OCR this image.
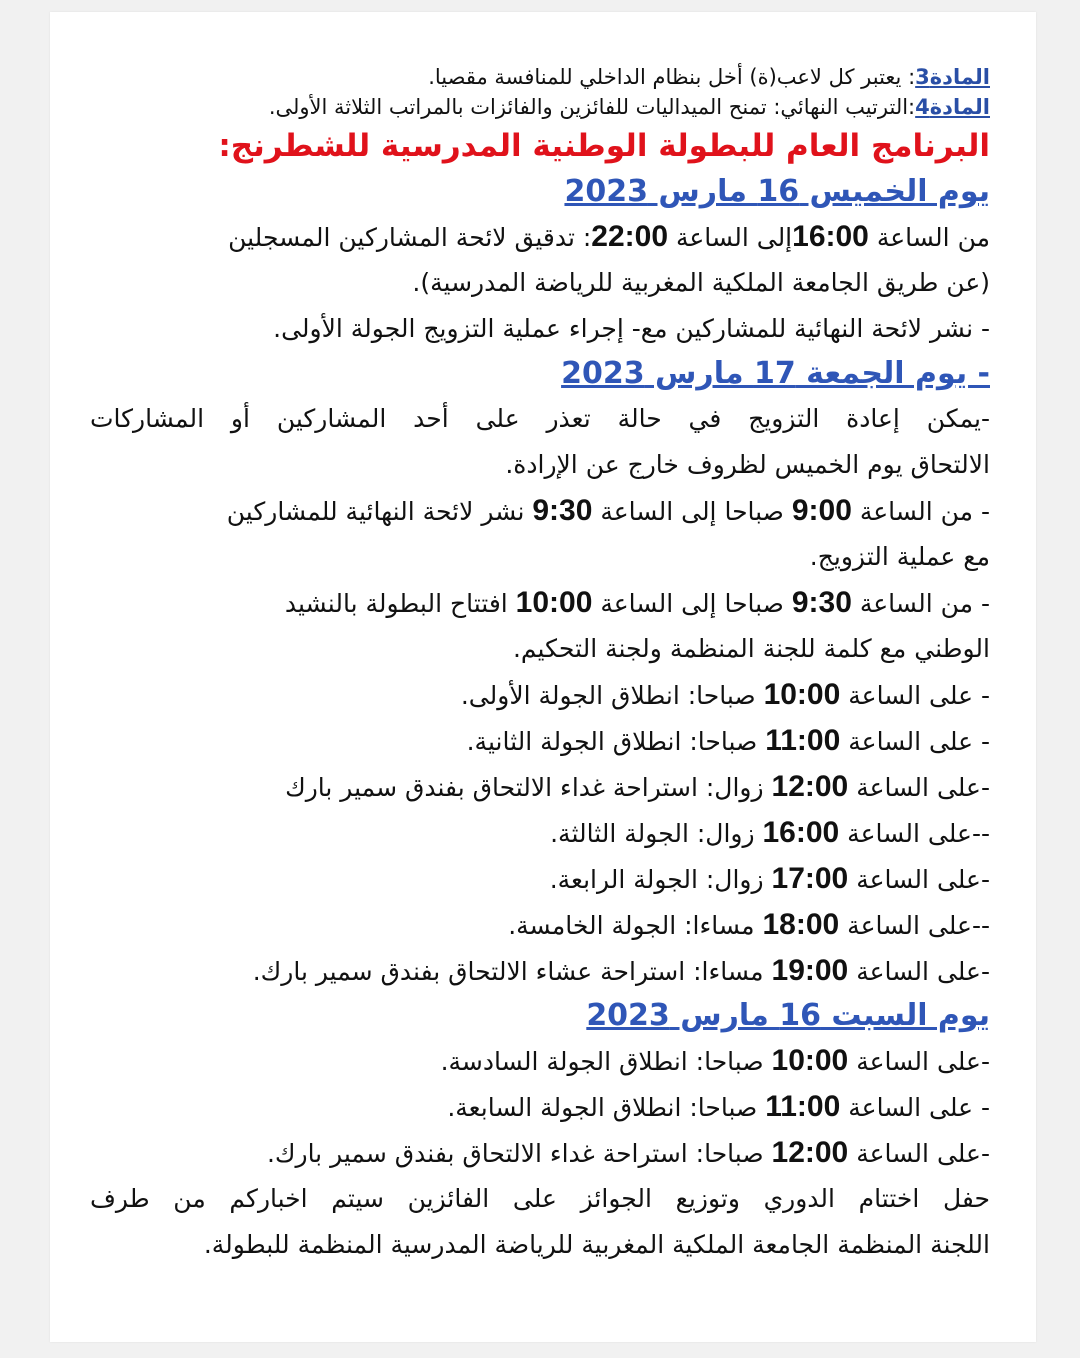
المادة3: يعتبر كل لاعب(ة) أخل بنظام الداخلي للمنافسة مقصيا.
المادة4:الترتيب النهائي: تمنح الميداليات للفائزين والفائزات بالمراتب الثلاثة الأولى.
البرنامج العام للبطولة الوطنية المدرسية للشطرنج:
يوم الخميس 16 مارس 2023
من الساعة 16:00إلى الساعة 22:00: تدقيق لائحة المشاركين المسجلين
(عن طريق الجامعة الملكية المغربية للرياضة المدرسية).
- نشر لائحة النهائية للمشاركين مع- إجراء عملية التزويج الجولة الأولى.
- يوم الجمعة 17 مارس 2023
-يمكن إعادة التزويج في حالة تعذر على أحد المشاركين أو المشاركات
الالتحاق يوم الخميس لظروف خارج عن الإرادة.
- من الساعة 9:00 صباحا إلى الساعة 9:30 نشر لائحة النهائية للمشاركين
مع عملية التزويج.
- من الساعة 9:30 صباحا إلى الساعة 10:00 افتتاح البطولة بالنشيد
الوطني مع كلمة للجنة المنظمة ولجنة التحكيم.
- على الساعة 10:00 صباحا: انطلاق الجولة الأولى.
- على الساعة 11:00 صباحا: انطلاق الجولة الثانية.
-على الساعة 12:00 زوال: استراحة غداء الالتحاق بفندق سمير بارك
--على الساعة 16:00 زوال: الجولة الثالثة.
-على الساعة 17:00 زوال: الجولة الرابعة.
--على الساعة 18:00 مساءا: الجولة الخامسة.
-على الساعة 19:00 مساءا: استراحة عشاء الالتحاق بفندق سمير بارك.
يوم السبت 16 مارس 2023
-على الساعة 10:00 صباحا: انطلاق الجولة السادسة.
- على الساعة 11:00 صباحا: انطلاق الجولة السابعة.
-على الساعة 12:00 صباحا: استراحة غداء الالتحاق بفندق سمير بارك.
حفل اختتام الدوري وتوزيع الجوائز على الفائزين سيتم اخباركم من طرف
اللجنة المنظمة الجامعة الملكية المغربية للرياضة المدرسية المنظمة للبطولة.
